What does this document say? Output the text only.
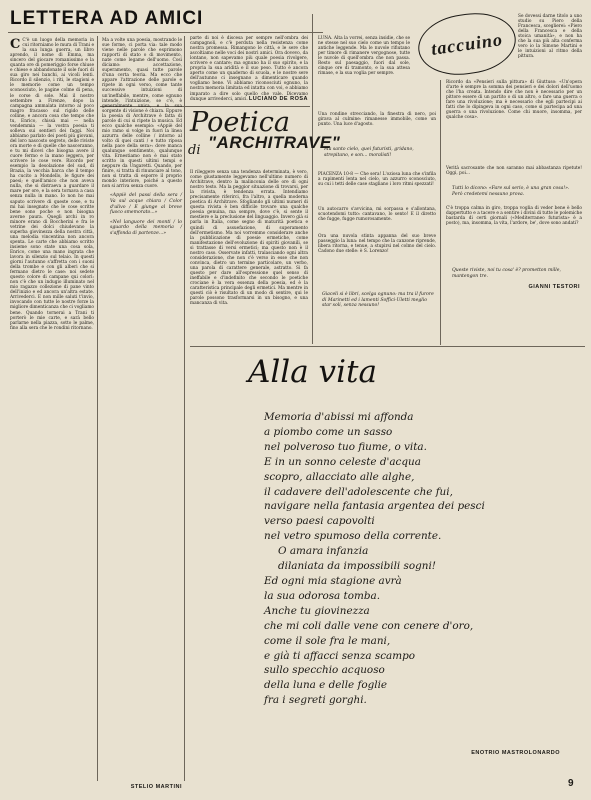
LETTERA AD AMICI
taccuino
C C'è un luogo della memoria in cui ritorniamo le mura di Trani e la sua lunga guerra, un libro aprendo, il nome di Emma, ma sincero del giocare romanissimo e la quanta ore di pomeriggio forse chiuse e chiese e abbandonate il sole fuori di sua giro nei banchi, ai vicoli lenti. Ricordo il silenzio, i riti, le stagioni e le memorie come un tempo sconosciuto, le pagine colme di pena, le corse di sole. Mai il nostro settembre a Firenze, dopo la campagna ammalata intorno al poco magro fracasso sul rigido delle colline, e ancora cosa che tempo che tu, Enrico, chissà mai — nella vendemmia — la vostra poesia ti solleva sui sentieri dei faggi. Noi abbiamo parlato dei poeti più giovani, del loro nascosto segreto, delle riviste ora morte e di quelle che nasceranno, e tu mi dicevi che bisogna avere il cuore fermo e la mano leggera, per scrivere le cose vere. Ricordo per esempio la desolazione del sud, di Brazia, la vecchia barca che il tempo ha cucito a Mondello, le figure dei paesi; e quell'amico che non aveva nulla, che si distraeva a guardare il mare per ore, e la sera tornava a casa senza nulla in mano. Io non ho mai saputo scrivere di queste cose, e tu mi hai insegnato che le cose scritte bene sono poche e non bisogna averne paura. Quegli archi in ro minore erano di Boccherini e fra le vetrine dei dolci chiudevano la superba giovinezza della nostra città, una melodia vincentina non ancora spenta. Le carte che abbiamo scritto insieme sono state una cosa sola, Enrico, come una mano ingrata che lavora in silenzio sul telaio. In questi giorni l'autunno s'affretta con i suoni della trombe e con gli alberi che si fermano dietro le case: noi sedete questo colore di campane qui colori: non c'è che un indugio illuminato nel mio ragazzo collezione di pane vinto dell'inizio e ed ancora un'altra estate. Arrivederci. E non mille saluti t'invio, invocando con tutte le nostre forze la migliore dimenticanza che ci vogliamo bene. Quando tornerai a Trani ti porterò le mie carte, e sarà bello parlarne nella piazza, sotto le palme, fino alla sera che le rondini ritornano.
parte di noi è discesa per sempre nell'ombra dei campagnoli, e c'è perduta nella resistenza come nostra promessa. Rimangono le città, e le sere che ascoltiamo nelle voci dei nostri amici. Ora dovevo, da lontano, non sapevamo più quale poesia rivolgere, scrivere e cantare; ma ognuno ha il suo spirito, e la propria la sua aridità e il suo peso. Tutto è ancora aperto come un quaderno di scuola, e le nostre sere dell'autunno ci insegnano a dimenticare quando vogliamo bene. Vi abbiamo riconosciuti ognuno, la nostra memoria limitata ed intatta con voi, e abbiamo imparato a dire solo quello che vale. Dicevamo dunque arrivederci, amici. LUCIANO DE ROSA
Poetica
di "ARCHITRAVE"
Il rileggere senza una tendenza determinata, è vero, come giustamente leggevamo nell'ultimo numero di Architrave, dentro la malinconia delle ore di ogni nostro testo. Ma la peggior situazione di trovarsi, per la rivista, è tendenza errata. Intendiamo precisamente riferirci, fra l'altro, a quella moderna poetica di Architrave. Sfogliando gli ultimi numeri di questa rivista è ben difficile trovare una qualche poesia genuina, ma sempre, dove c'è, si sente il mestiere e la preclusione del linguaggio. Invero già si parla in Italia, come segno di maturità poetica e quindi di assuefazione, di superamento dell'ermetismo. Ma noi vorremmo considerare anche la pubblicazione di poesie ermetiche, come manifestazione dell'evoluzione di spiriti giovanili, se si trattasse di versi ermetici; ma questo non è il nostro caso. Osservate infatti, tralasciando ogni altra considerazione, che non c'è verso in esse che non convinca, dietro un termine particolare, un verbo, una parola di carattere generale, astratto. Si fa questo per dare all'espressione quel senso di ineffabile e d'indefinito che secondo le poetiche crociane è la vera essenza della poesia, ed è la caratteristica principale degli ermetici. Ma mentre in questi ciò è risultato di un modo di sentire, qui le parole possono trasformarsi in un bisogno, e una mancanza di vita.
Ma a volte una poesia, mostrando le sue forme, ci porta via: tale modo viene nelle parole che esprimono rapporti di stato o di movimento, nate come legame dell'uomo. Così diciamo: accettazione, superamento, quasi tutte parole d'una certa teoria. Ma ecco che appare l'attrazione delle parole e ripete in ogni verso, come tante successive intuizioni di un'ineffabile, mentre, come ognuno intende, l'intuizione, se c'è, è generalmente unica, e la sua sorgente di visione è chiara. Eppure la poesia di Architrave è fatta di parole di cui si ripete la musica. Ed ecco qualche esempio: «Appiè del mio ramo si volge in fuori la linea azzurra delle colline / intorno al volto di quei canti / e tutto riposa nella pace della sera»: dove manca qualunque sentimento, qualunque vita. Ernestiamo non è mai stato scritto in questi ultimi tempi e neppure da Ungaretti. Quando, per finire, si tratta di rinunciare al tono, non si tratta di esporre il proprio mondo interiore, poiché a questo non si arriva senza cuore.
«Appiè del passi della sera / Va sul acque chiara / Color d'ulivo / E giunge al breve fuoco smemorato...»
«Nel languore dei monti / lo sguardo della memoria / s'affonda di partenze...»
STELIO MARTINI
LUNA. Alta la vorrei, senza insidie, che se ne stesse nel suo cielo come un tempo le antiche leggende. Ma le nuvole rifiutano per timore di rimanere vergognose, tutte le nuvole di quell'ombra che non passa. Resto sul paesaggio, fuori dal sole, cinque ore di tramonto, e la sua attesa rimase, e la sua voglia per sempre.
Una rondine strecciando, la finestra di nero, poi girava al culmine: rimanesse immobile, come un punto. Una luce d'agosto.
Ma santo cielo, quei futuristi, gridano, strepitano, e son... moralisti!
PIACENZA 10-8 — Che sera! L'oziosa luna che s'infila a rapimenti lenta nel cielo, un azzurro sconosciuto, su cui i tetti delle case stagliano i loro ritmi spezzati!
Un autocarro s'avvicina, mi sorpassa e s'allontana, scuotendomi tutto: cantavano, lo sento! E il diretto che fugge, fugge rumorosamente.
Ora una nuvola stinta appanna del suo breve passeggio la luna: nel tempo che la canzone riprende, libera ritorna, e tenue, a stupirsi nel colmo del cielo. Cadono due stelle: è S. Lorenzo!
Giaceli si è libri, scelga ognuno: ma tra il furore di Marinetti ed i lamenti Soffici-Uletti meglio star soli, senza nessuno!
Se dovessi darne titolo a uno studio su Piero della Francesca, sceglierei: «Piero della Francesca e della stoica umanità», e non ha che la sua più alta conferma vero io la Simone Martini e le intuizioni al ritmo della pittura.
Ricordo da «Pensieri sulla pittura» di Giuttuso: «Un'opera d'arte è sempre la somma dei pensieri e dei dolori dell'uomo che l'ha creata. Intendo dire che non è necessario per un pittore essere di un partito o di un altro, o fare una guerra o fare una rivoluzione; ma è necessario che egli partecipi ai fatti che lo dipingeva in ogni caso, come si partecipa ad una guerra o una rivoluzione. Come chi muore, insomma, per qualche cosa».
Verità sacrosante che non saranno mai abbastanza ripetute! Oggi, poi...
Tutti lo dicono: «Fare sul serio, è una gran cosa!». Però credetemi nessuno prova.
C'è troppa calma in giro, troppa voglia di veder bene è bello dappertutto e a tacere e a sentire i divini di tutte le polemiche bastarda di certi giornali («Mediterraneo futurista» è a posto), ma, insomma, la vita, l'ardore, be', dove sono andati?
Queste riviste, noi tu cosa' è? prometton mille, mantengon tre.
GIANNI TESTORI
Alla vita
Memoria d'abissi mi affonda
a piombo come un sasso
nel polveroso tuo fiume, o vita.
E in un sonno celeste d'acqua
scopro, allacciato alle alghe,
il cadavere dell'adolescente che fui,
navigare nella fantasia argentea dei pesci
verso paesi capovolti
nel vetro spumoso della corrente.
O amara infanzia
dilaniata da impossibili sogni!
Ed ogni mia stagione avrà
la sua odorosa tomba.
Anche tu giovinezza
che mi coli dalle vene con cenere d'oro,
come il sole fra le mani,
e già ti affacci senza scampo
sullo specchio acquoso
della luna e delle foglie
fra i segreti gorghi.
ENOTRIO MASTROLONARDO
9
